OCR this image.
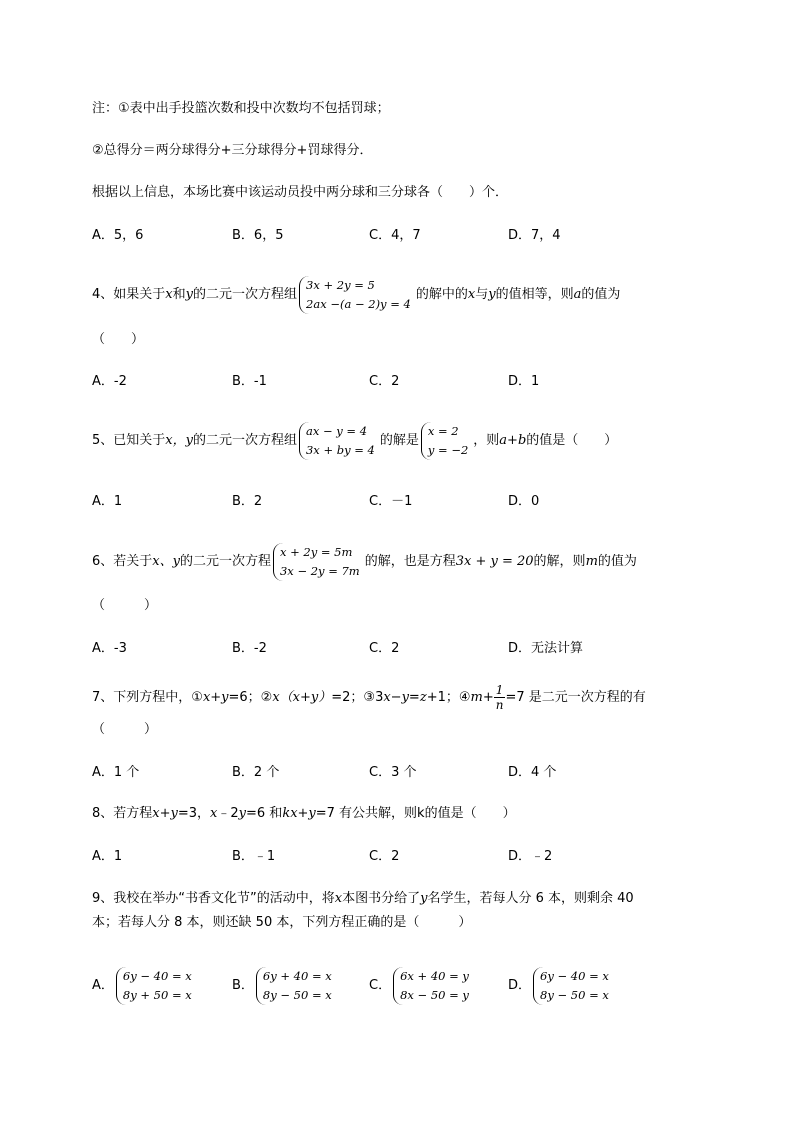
注：①表中出手投篮次数和投中次数均不包括罚球；
②总得分＝两分球得分+三分球得分+罚球得分．
根据以上信息，本场比赛中该运动员投中两分球和三分球各（　　）个．
A．5，6	B．6，5	C．4，7	D．7，4
4、如果关于x和y的二元一次方程组
3x + 2y = 5
2ax −(a − 2)y = 4
的解中的x与y的值相等，则a的值为
（　　）
A．-2	B．-1	C．2	D．1
5、已知关于x，y的二元一次方程组
ax − y = 4
3x + by = 4
的解是
x = 2
y = −2
，则a+b的值是（　　）
A．1	B．2	C．－1	D．0
6、若关于x、y的二元一次方程
x + 2y = 5m
3x − 2y = 7m
的解，也是方程3x + y = 20的解，则m的值为
（　　　）
A．-3	B．-2	C．2	D．无法计算
7、下列方程中，①x+y=6；②x（x+y）=2；③3x−y=z+1；④m+ $\frac{1}{n} =7$ 是二元一次方程的有
（　　　）
A．1 个	B．2 个	C．3 个	D．4 个
8、若方程x+y=3，x﹣2y=6 和kx+y=7 有公共解，则k的值是（　　）
A．1	B．﹣1	C．2	D．﹣2
9、我校在举办“书香文化节”的活动中，将x本图书分给了y名学生，若每人分 6 本，则剩余 40
本；若每人分 8 本，则还缺 50 本，下列方程正确的是（　　　）
A．
6y − 40 = x
8y + 50 = x
B．
6y + 40 = x
8y − 50 = x
C．
6x + 40 = y
8x − 50 = y
D．
6y − 40 = x
8y − 50 = x
